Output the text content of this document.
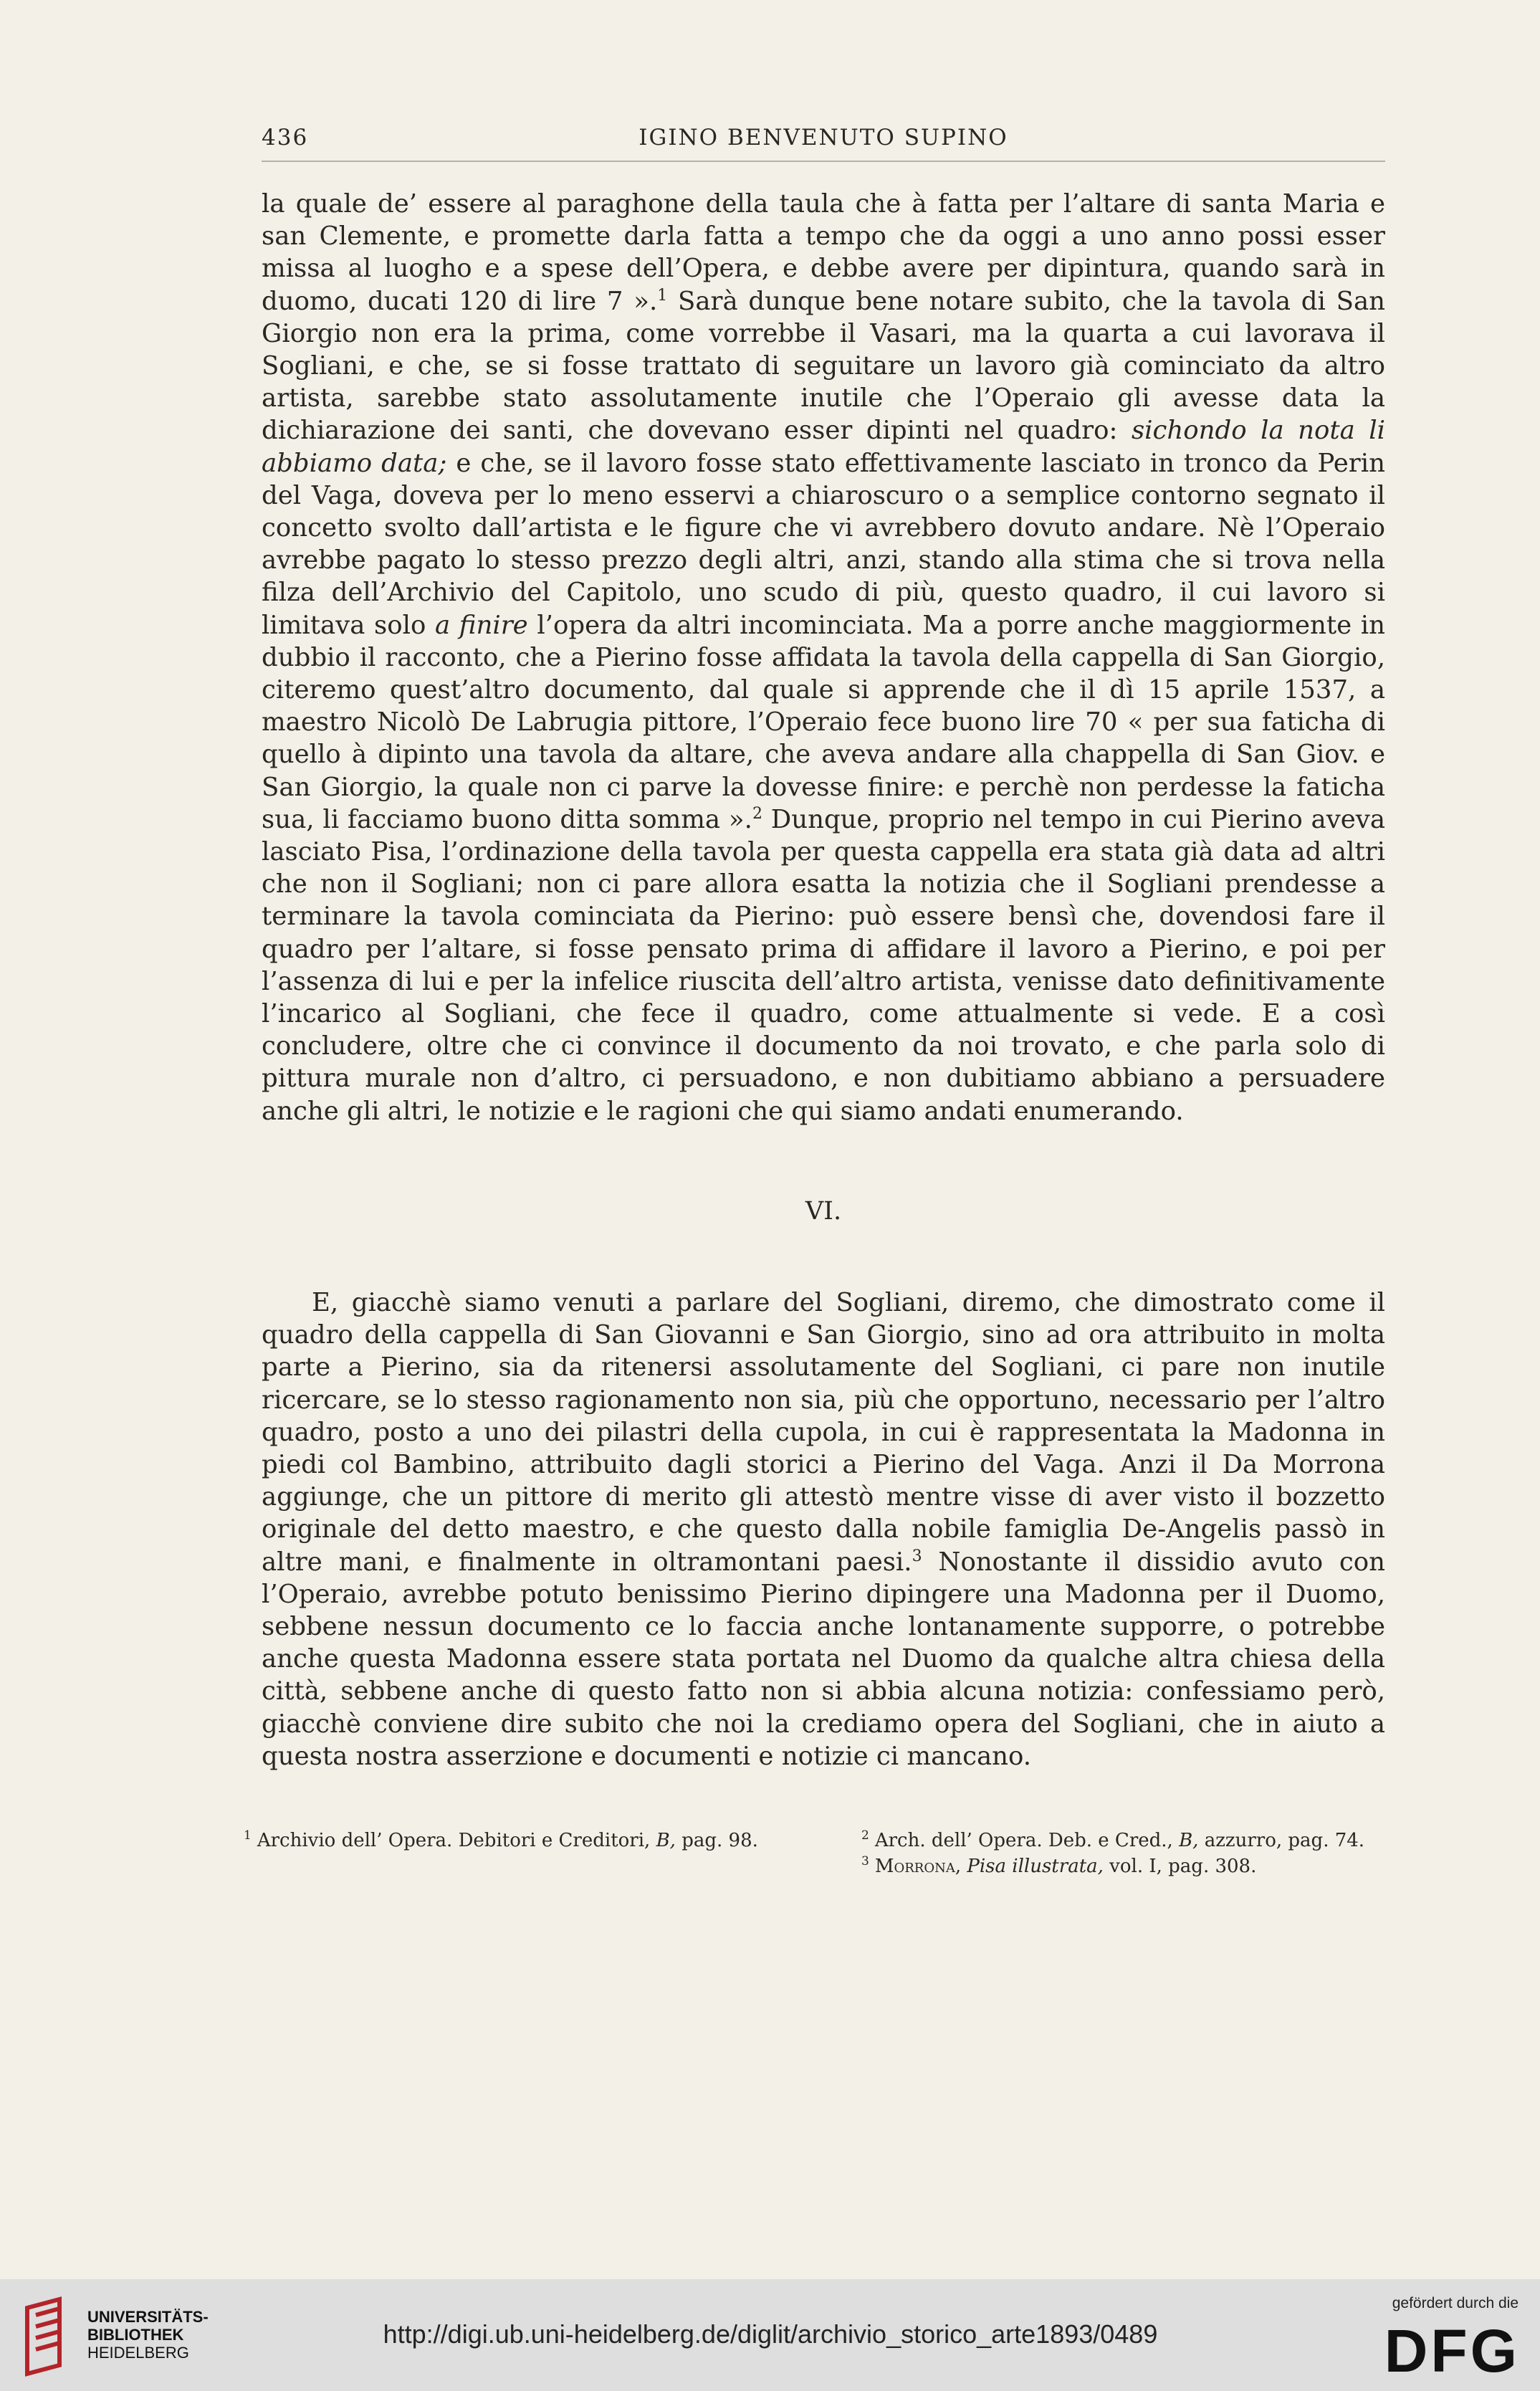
436	IGINO BENVENUTO SUPINO

la quale de’ essere al paraghone della taula che à fatta per l’altare di santa Maria e san Clemente, e promette darla fatta a tempo che da oggi a uno anno possi esser missa al luogho e a spese dell’Opera, e debbe avere per dipintura, quando sarà in duomo, ducati 120 di lire 7 ».$^1$ Sarà dunque bene notare subito, che la tavola di San Giorgio non era la prima, come vorrebbe il Vasari, ma la quarta a cui lavorava il Sogliani, e che, se si fosse trattato di seguitare un lavoro già cominciato da altro artista, sarebbe stato assolutamente inutile che l’Operaio gli avesse data la dichiarazione dei santi, che dovevano esser dipinti nel quadro: sichondo la nota li abbiamo data; e che, se il lavoro fosse stato effettivamente lasciato in tronco da Perin del Vaga, doveva per lo meno esservi a chiaroscuro o a semplice contorno segnato il concetto svolto dall’artista e le figure che vi avrebbero dovuto andare. Nè l’Operaio avrebbe pagato lo stesso prezzo degli altri, anzi, stando alla stima che si trova nella filza dell’Archivio del Capitolo, uno scudo di più, questo quadro, il cui lavoro si limitava solo a finire l’opera da altri incominciata. Ma a porre anche maggiormente in dubbio il racconto, che a Pierino fosse affidata la tavola della cappella di San Giorgio, citeremo quest’altro documento, dal quale si apprende che il dì 15 aprile 1537, a maestro Nicolò De Labrugia pittore, l’Operaio fece buono lire 70 « per sua faticha di quello à dipinto una tavola da altare, che aveva andare alla chappella di San Giov. e San Giorgio, la quale non ci parve la dovesse finire: e perchè non perdesse la faticha sua, li facciamo buono ditta somma ».$^2$ Dunque, proprio nel tempo in cui Pierino aveva lasciato Pisa, l’ordinazione della tavola per questa cappella era stata già data ad altri che non il Sogliani; non ci pare allora esatta la notizia che il Sogliani prendesse a terminare la tavola cominciata da Pierino: può essere bensì che, dovendosi fare il quadro per l’altare, si fosse pensato prima di affidare il lavoro a Pierino, e poi per l’assenza di lui e per la infelice riuscita dell’altro artista, venisse dato definitivamente l’incarico al Sogliani, che fece il quadro, come attualmente si vede. E a così concludere, oltre che ci convince il documento da noi trovato, e che parla solo di pittura murale non d’altro, ci persuadono, e non dubitiamo abbiano a persuadere anche gli altri, le notizie e le ragioni che qui siamo andati enumerando.

VI.

E, giacchè siamo venuti a parlare del Sogliani, diremo, che dimostrato come il quadro della cappella di San Giovanni e San Giorgio, sino ad ora attribuito in molta parte a Pierino, sia da ritenersi assolutamente del Sogliani, ci pare non inutile ricercare, se lo stesso ragionamento non sia, più che opportuno, necessario per l’altro quadro, posto a uno dei pilastri della cupola, in cui è rappresentata la Madonna in piedi col Bambino, attribuito dagli storici a Pierino del Vaga. Anzi il Da Morrona aggiunge, che un pittore di merito gli attestò mentre visse di aver visto il bozzetto originale del detto maestro, e che questo dalla nobile famiglia De-Angelis passò in altre mani, e finalmente in oltramontani paesi.$^3$ Nonostante il dissidio avuto con l’Operaio, avrebbe potuto benissimo Pierino dipingere una Madonna per il Duomo, sebbene nessun documento ce lo faccia anche lontanamente supporre, o potrebbe anche questa Madonna essere stata portata nel Duomo da qualche altra chiesa della città, sebbene anche di questo fatto non si abbia alcuna notizia: confessiamo però, giacchè conviene dire subito che noi la crediamo opera del Sogliani, che in aiuto a questa nostra asserzione e documenti e notizie ci mancano.

$^1$ Archivio dell’ Opera. Debitori e Creditori, B, pag. 98.	$^2$ Arch. dell’ Opera. Deb. e Cred., B, azzurro, pag. 74.

$^3$ Morrona, Pisa illustrata, vol. I, pag. 308.

UNIVERSITÄTS-
BIBLIOTHEK
HEIDELBERG
http://digi.ub.uni-heidelberg.de/diglit/archivio_storico_arte1893/0489
gefördert durch die
DFG
